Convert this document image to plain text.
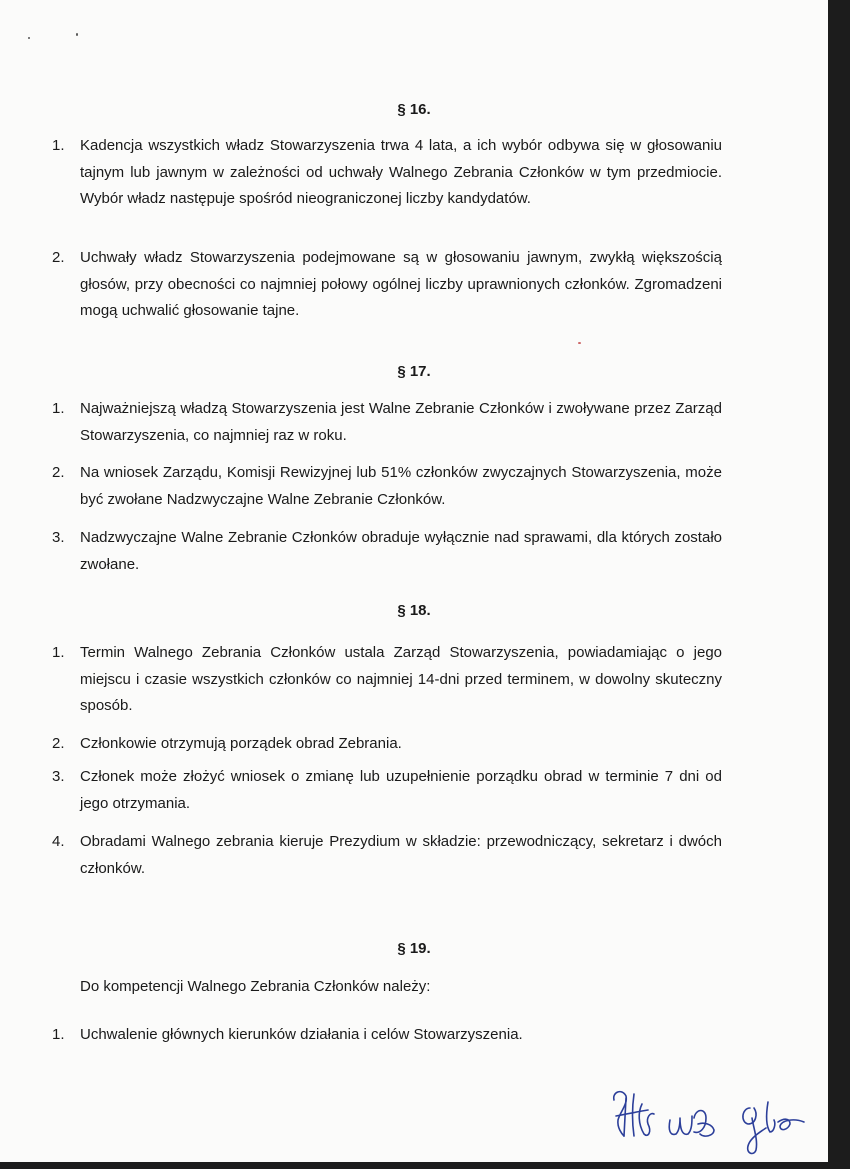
§ 16.
1.	Kadencja wszystkich władz Stowarzyszenia trwa 4 lata, a ich wybór odbywa się w głosowaniu tajnym lub jawnym w zależności od uchwały Walnego Zebrania Członków w tym przedmiocie. Wybór władz następuje spośród nieograniczonej liczby kandydatów.
2.	Uchwały władz Stowarzyszenia podejmowane są w głosowaniu jawnym, zwykłą większością głosów, przy obecności co najmniej połowy ogólnej liczby uprawnionych członków. Zgromadzeni mogą uchwalić głosowanie tajne.
§ 17.
1.	Najważniejszą władzą Stowarzyszenia jest Walne Zebranie Członków i zwoływane przez Zarząd Stowarzyszenia, co najmniej raz w roku.
2.	Na wniosek Zarządu, Komisji Rewizyjnej lub 51% członków zwyczajnych Stowarzyszenia, może być zwołane Nadzwyczajne Walne Zebranie Członków.
3.	Nadzwyczajne Walne Zebranie Członków obraduje wyłącznie nad sprawami, dla których zostało zwołane.
§ 18.
1.	Termin Walnego Zebrania Członków ustala Zarząd Stowarzyszenia, powiadamiając o jego miejscu i czasie wszystkich członków co najmniej 14-dni przed terminem, w dowolny skuteczny sposób.
2.	Członkowie otrzymują porządek obrad Zebrania.
3.	Członek może złożyć wniosek o zmianę lub uzupełnienie porządku obrad w terminie 7 dni od jego otrzymania.
4.	Obradami Walnego zebrania kieruje Prezydium w składzie: przewodniczący, sekretarz i dwóch członków.
§ 19.
Do kompetencji Walnego Zebrania Członków należy:
1.	Uchwalenie głównych kierunków działania i celów Stowarzyszenia.
